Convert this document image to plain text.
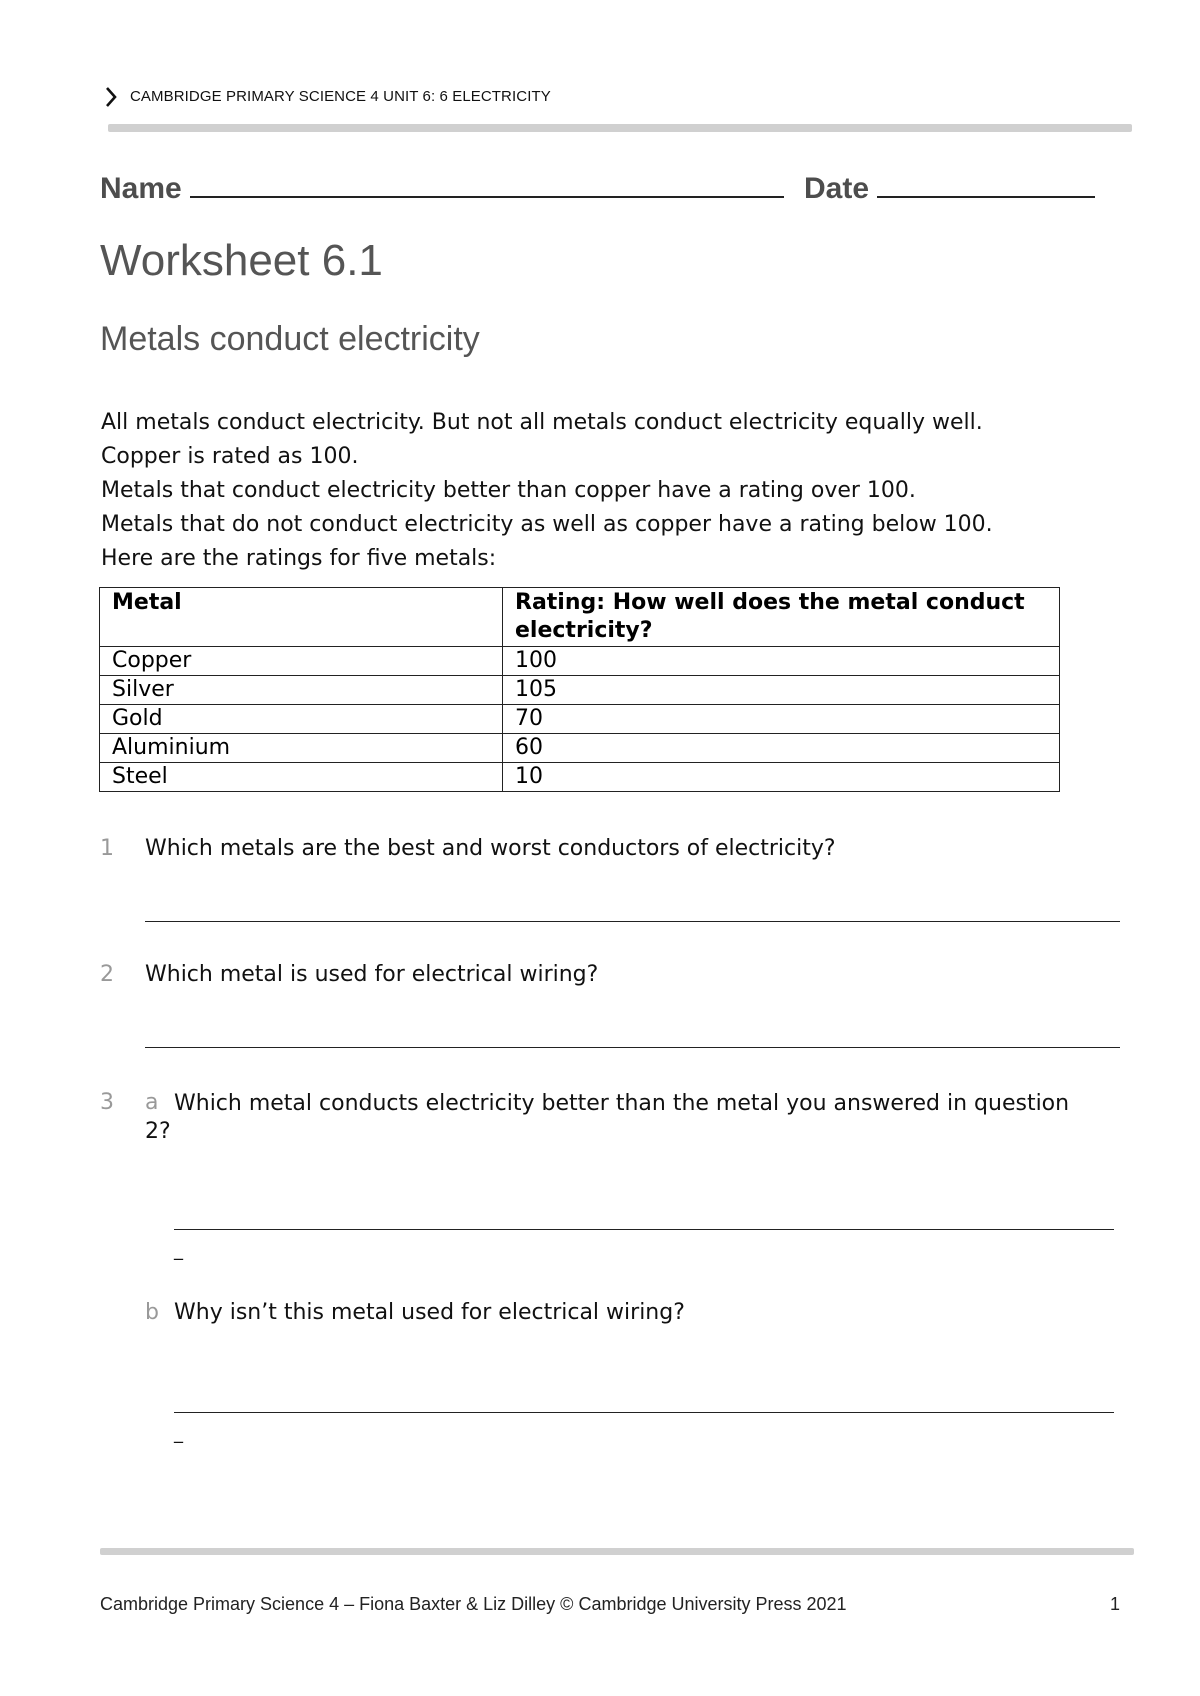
CAMBRIDGE PRIMARY SCIENCE 4 UNIT 6: 6 ELECTRICITY
Name	Date
Worksheet 6.1
Metals conduct electricity

All metals conduct electricity. But not all metals conduct electricity equally well.

Copper is rated as 100.

Metals that conduct electricity better than copper have a rating over 100.

Metals that do not conduct electricity as well as copper have a rating below 100.

Here are the ratings for five metals:

Metal	Rating: How well does the metal conduct electricity?
Copper	100
Silver	105
Gold	70
Aluminium	60
Steel	10
1 Which metals are the best and worst conductors of electricity?
2 Which metal is used for electrical wiring?
3 a Which metal conducts electricity better than the metal you answered in question 2?
_
b Why isn’t this metal used for electrical wiring?
_
Cambridge Primary Science 4 – Fiona Baxter & Liz Dilley © Cambridge University Press 2021	1
